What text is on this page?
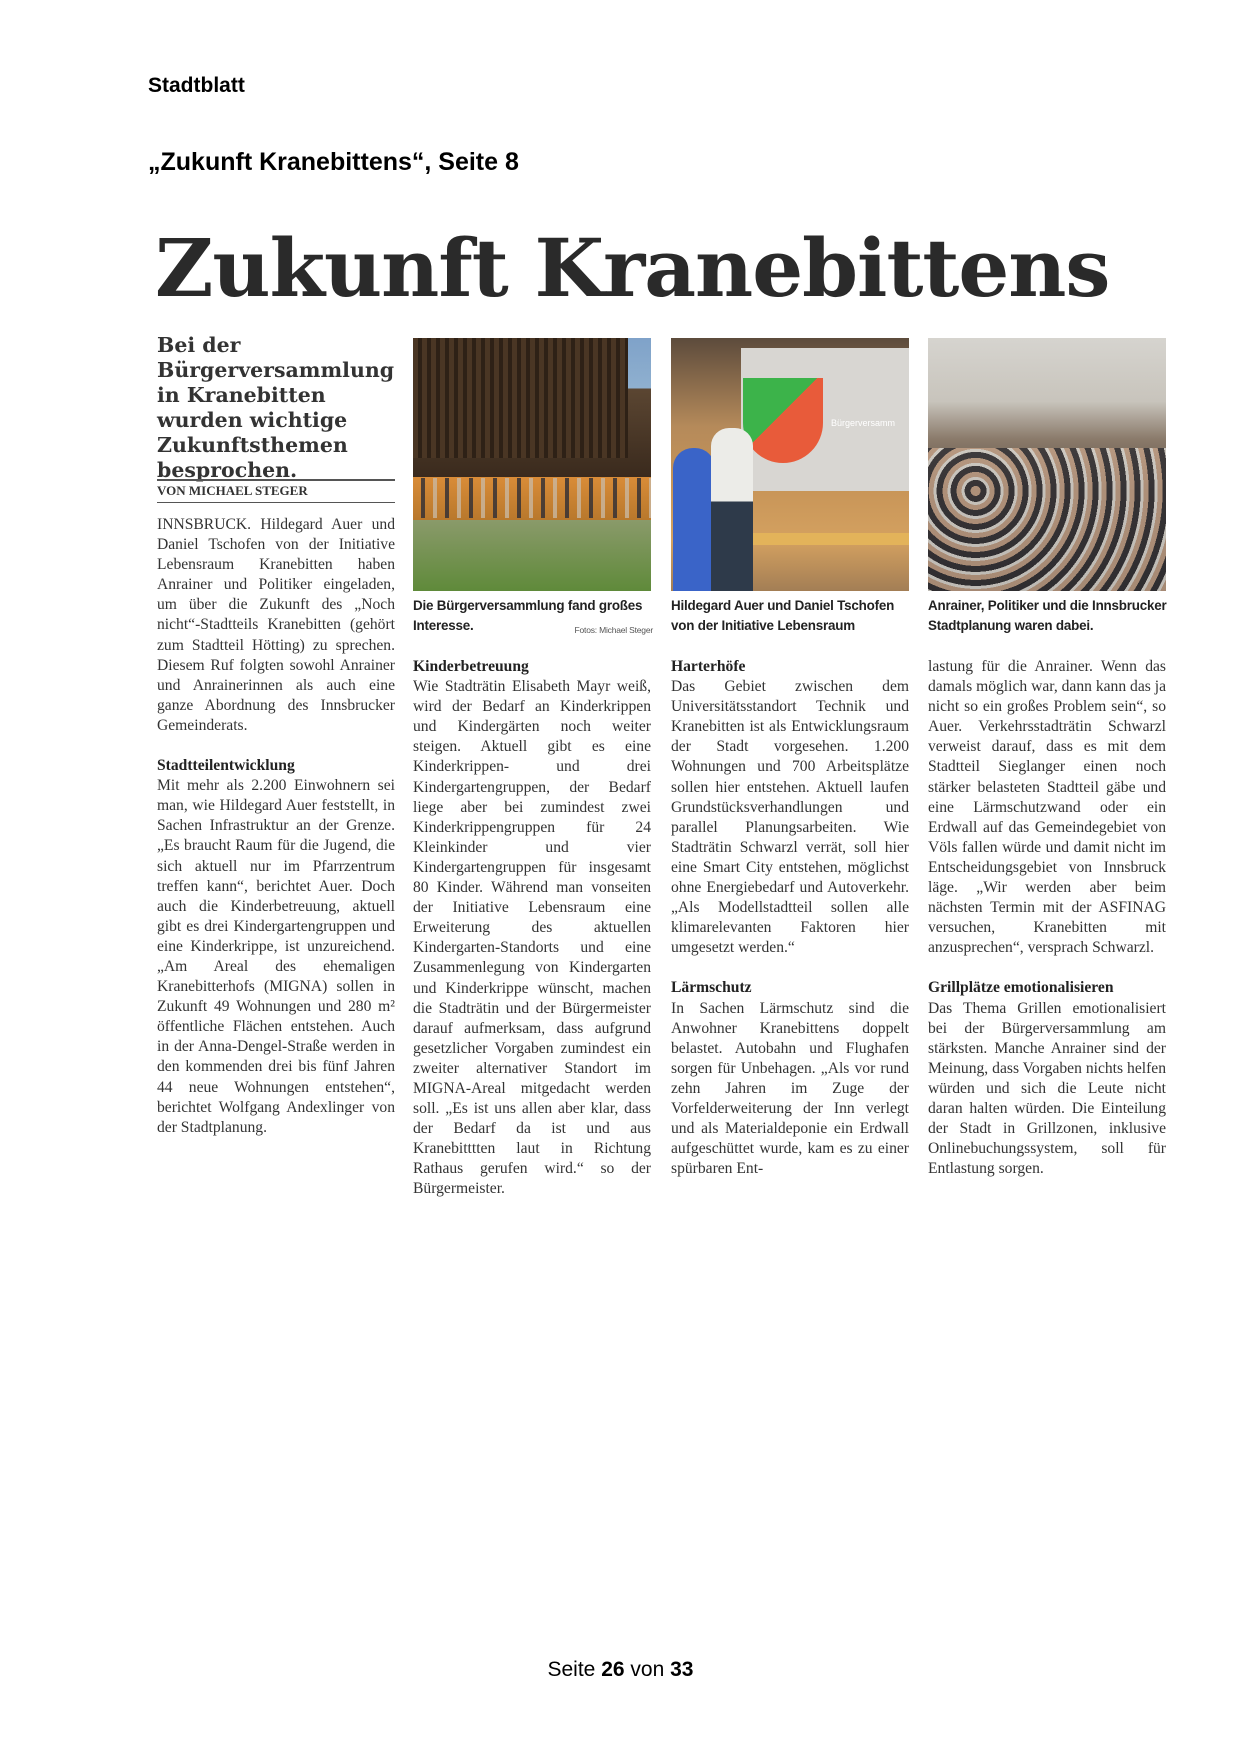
Stadtblatt
„Zukunft Kranebittens“, Seite 8
Zukunft Kranebittens
Bei der Bürgerversammlung in Kranebitten wurden wichtige Zukunftsthemen besprochen.
VON MICHAEL STEGER

INNSBRUCK. Hildegard Auer und Daniel Tschofen von der Initiative Lebensraum Kranebitten haben Anrainer und Politiker eingeladen, um über die Zukunft des „Noch nicht“-Stadtteils Kranebitten (gehört zum Stadtteil Hötting) zu sprechen. Diesem Ruf folgten sowohl Anrainer und Anrainerinnen als auch eine ganze Abordnung des Innsbrucker Gemeinderats.

Stadtteilentwicklung

Mit mehr als 2.200 Einwohnern sei man, wie Hildegard Auer feststellt, in Sachen Infrastruktur an der Grenze. „Es braucht Raum für die Jugend, die sich aktuell nur im Pfarrzentrum treffen kann“, berichtet Auer. Doch auch die Kinderbetreuung, aktuell gibt es drei Kindergartengruppen und eine Kinderkrippe, ist unzureichend. „Am Areal des ehemaligen Kranebitterhofs (MIGNA) sollen in Zukunft 49 Wohnungen und 280 m² öffentliche Flächen entstehen. Auch in der Anna-Dengel-Straße werden in den kommenden drei bis fünf Jahren 44 neue Wohnungen entstehen“, berichtet Wolfgang Andexlinger von der Stadtplanung.

Bürgerversamm
Die Bürgerversammlung fand großes Interesse.	Fotos: Michael Steger
Hildegard Auer und Daniel Tschofen von der Initiative Lebensraum
Anrainer, Politiker und die Innsbrucker Stadtplanung waren dabei.

Kinderbetreuung

Wie Stadträtin Elisabeth Mayr weiß, wird der Bedarf an Kinderkrippen und Kindergärten noch weiter steigen. Aktuell gibt es eine Kinderkrippen- und drei Kindergartengruppen, der Bedarf liege aber bei zumindest zwei Kinderkrippengruppen für 24 Kleinkinder und vier Kindergartengruppen für insgesamt 80 Kinder. Während man vonseiten der Initiative Lebensraum eine Erweiterung des aktuellen Kindergarten-Standorts und eine Zusammenlegung von Kindergarten und Kinderkrippe wünscht, machen die Stadträtin und der Bürgermeister darauf aufmerksam, dass aufgrund gesetzlicher Vorgaben zumindest ein zweiter alternativer Standort im MIGNA-Areal mitgedacht werden soll. „Es ist uns allen aber klar, dass der Bedarf da ist und aus Kranebitttten laut in Richtung Rathaus gerufen wird.“ so der Bürgermeister.

Harterhöfe

Das Gebiet zwischen dem Universitätsstandort Technik und Kranebitten ist als Entwicklungsraum der Stadt vorgesehen. 1.200 Wohnungen und 700 Arbeitsplätze sollen hier entstehen. Aktuell laufen Grundstücksverhandlungen und parallel Planungsarbeiten. Wie Stadträtin Schwarzl verrät, soll hier eine Smart City entstehen, möglichst ohne Energiebedarf und Autoverkehr. „Als Modellstadtteil sollen alle klimarelevanten Faktoren hier umgesetzt werden.“

Lärmschutz

In Sachen Lärmschutz sind die Anwohner Kranebittens doppelt belastet. Autobahn und Flughafen sorgen für Unbehagen. „Als vor rund zehn Jahren im Zuge der Vorfelderweiterung der Inn verlegt und als Materialdeponie ein Erdwall aufgeschüttet wurde, kam es zu einer spürbaren Ent-

lastung für die Anrainer. Wenn das damals möglich war, dann kann das ja nicht so ein großes Problem sein“, so Auer. Verkehrsstadträtin Schwarzl verweist darauf, dass es mit dem Stadtteil Sieglanger einen noch stärker belasteten Stadtteil gäbe und eine Lärmschutzwand oder ein Erdwall auf das Gemeindegebiet von Völs fallen würde und damit nicht im Entscheidungsgebiet von Innsbruck läge. „Wir werden aber beim nächsten Termin mit der ASFINAG versuchen, Kranebitten mit anzusprechen“, versprach Schwarzl.

Grillplätze emotionalisieren

Das Thema Grillen emotionalisiert bei der Bürgerversammlung am stärksten. Manche Anrainer sind der Meinung, dass Vorgaben nichts helfen würden und sich die Leute nicht daran halten würden. Die Einteilung der Stadt in Grillzonen, inklusive Onlinebuchungssystem, soll für Entlastung sorgen.

Seite 26 von 33
